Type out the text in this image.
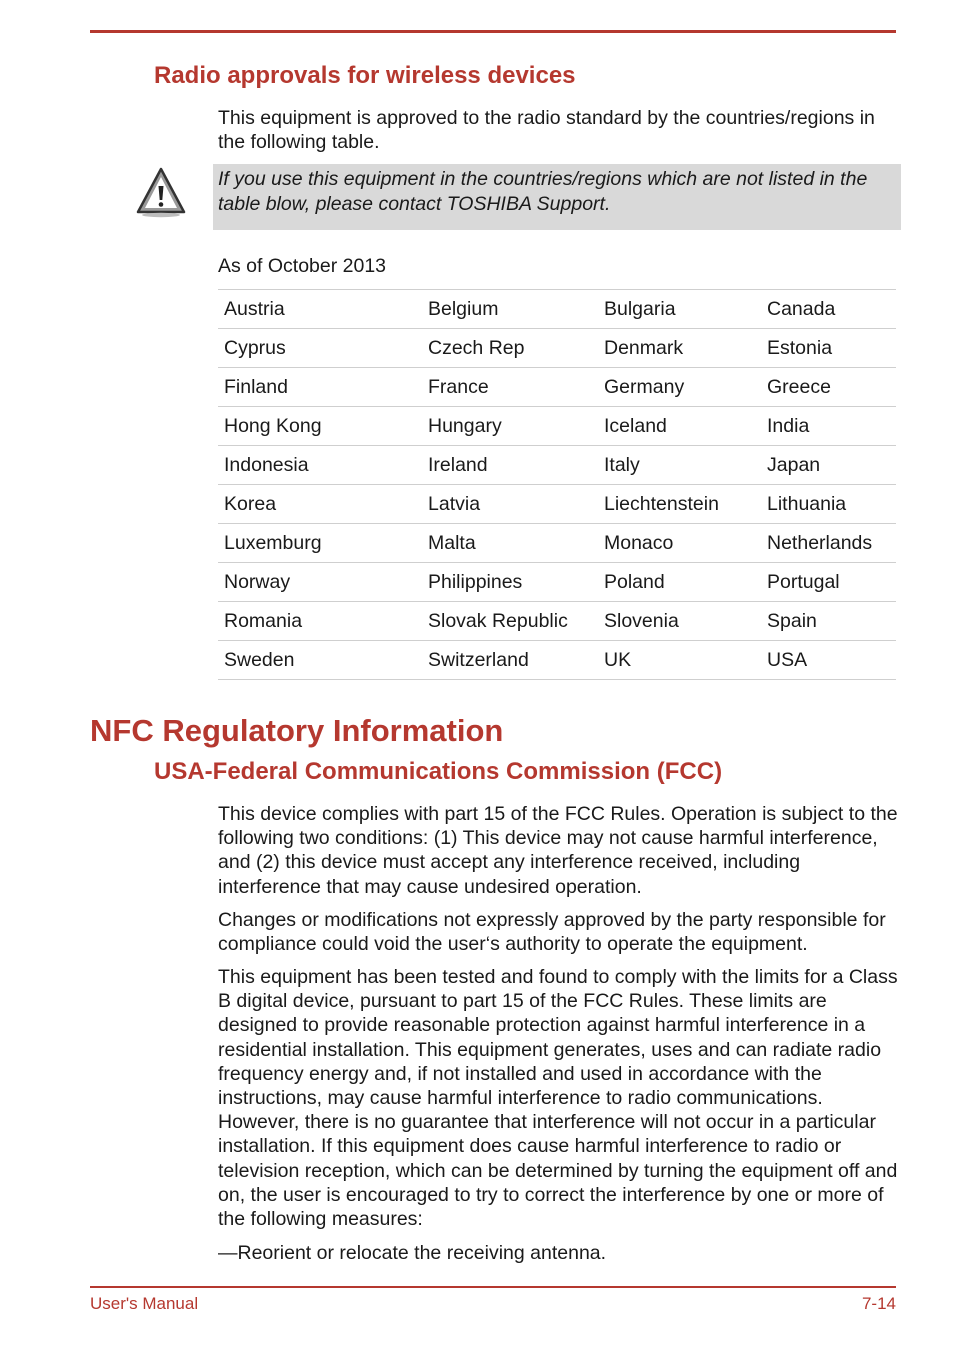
Radio approvals for wireless devices

This equipment is approved to the radio standard by the countries/regions in the following table.

If you use this equipment in the countries/regions which are not listed in the table blow, please contact TOSHIBA Support.

As of October 2013

Austria	Belgium	Bulgaria	Canada
Cyprus	Czech Rep	Denmark	Estonia
Finland	France	Germany	Greece
Hong Kong	Hungary	Iceland	India
Indonesia	Ireland	Italy	Japan
Korea	Latvia	Liechtenstein	Lithuania
Luxemburg	Malta	Monaco	Netherlands
Norway	Philippines	Poland	Portugal
Romania	Slovak Republic	Slovenia	Spain
Sweden	Switzerland	UK	USA
NFC Regulatory Information
USA-Federal Communications Commission (FCC)

This device complies with part 15 of the FCC Rules. Operation is subject to the following two conditions: (1) This device may not cause harmful interference, and (2) this device must accept any interference received, including interference that may cause undesired operation.

Changes or modifications not expressly approved by the party responsible for compliance could void the user‘s authority to operate the equipment.

This equipment has been tested and found to comply with the limits for a Class B digital device, pursuant to part 15 of the FCC Rules. These limits are designed to provide reasonable protection against harmful interference in a residential installation. This equipment generates, uses and can radiate radio frequency energy and, if not installed and used in accordance with the instructions, may cause harmful interference to radio communications. However, there is no guarantee that interference will not occur in a particular installation. If this equipment does cause harmful interference to radio or television reception, which can be determined by turning the equipment off and on, the user is encouraged to try to correct the interference by one or more of the following measures:

—Reorient or relocate the receiving antenna.

User's Manual	7-14
